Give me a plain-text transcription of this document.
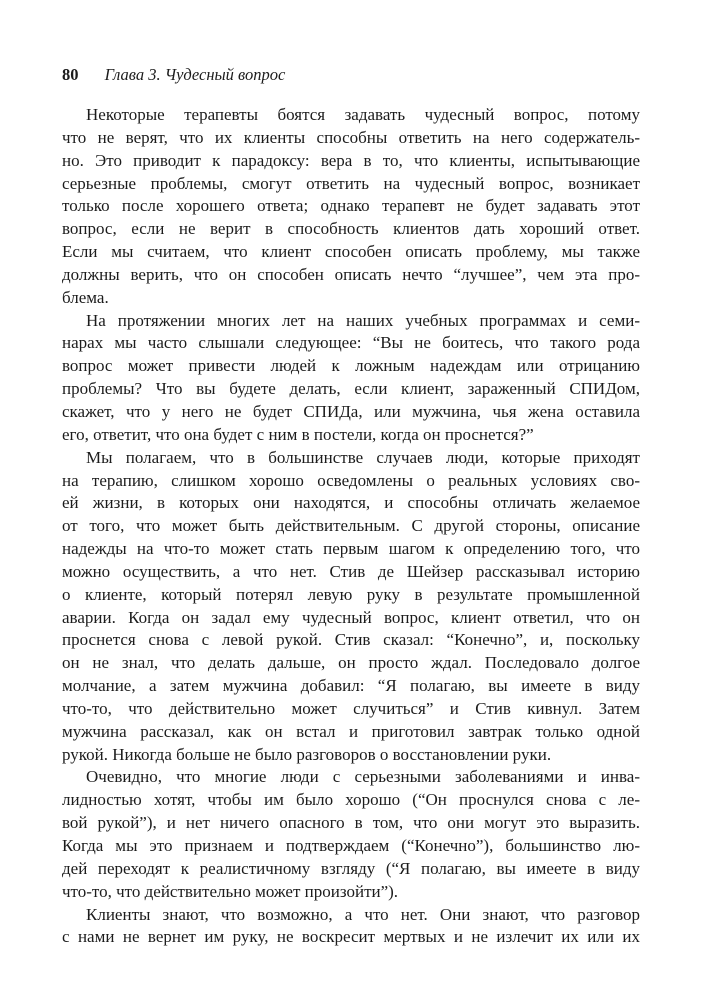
80 Глава 3. Чудесный вопрос
Некоторые терапевты боятся задавать чудесный вопрос, потому
что не верят, что их клиенты способны ответить на него содержатель-
но. Это приводит к парадоксу: вера в то, что клиенты, испытывающие
серьезные проблемы, смогут ответить на чудесный вопрос, возникает
только после хорошего ответа; однако терапевт не будет задавать этот
вопрос, если не верит в способность клиентов дать хороший ответ.
Если мы считаем, что клиент способен описать проблему, мы также
должны верить, что он способен описать нечто “лучшее”, чем эта про-
блема.
На протяжении многих лет на наших учебных программах и семи-
нарах мы часто слышали следующее: “Вы не боитесь, что такого рода
вопрос может привести людей к ложным надеждам или отрицанию
проблемы? Что вы будете делать, если клиент, зараженный СПИДом,
скажет, что у него не будет СПИДа, или мужчина, чья жена оставила
его, ответит, что она будет с ним в постели, когда он проснется?”
Мы полагаем, что в большинстве случаев люди, которые приходят
на терапию, слишком хорошо осведомлены о реальных условиях сво-
ей жизни, в которых они находятся, и способны отличать желаемое
от того, что может быть действительным. С другой стороны, описание
надежды на что-то может стать первым шагом к определению того, что
можно осуществить, а что нет. Стив де Шейзер рассказывал историю
о клиенте, который потерял левую руку в результате промышленной
аварии. Когда он задал ему чудесный вопрос, клиент ответил, что он
проснется снова с левой рукой. Стив сказал: “Конечно”, и, поскольку
он не знал, что делать дальше, он просто ждал. Последовало долгое
молчание, а затем мужчина добавил: “Я полагаю, вы имеете в виду
что-то, что действительно может случиться” и Стив кивнул. Затем
мужчина рассказал, как он встал и приготовил завтрак только одной
рукой. Никогда больше не было разговоров о восстановлении руки.
Очевидно, что многие люди с серьезными заболеваниями и инва-
лидностью хотят, чтобы им было хорошо (“Он проснулся снова с ле-
вой рукой”), и нет ничего опасного в том, что они могут это выразить.
Когда мы это признаем и подтверждаем (“Конечно”), большинство лю-
дей переходят к реалистичному взгляду (“Я полагаю, вы имеете в виду
что-то, что действительно может произойти”).
Клиенты знают, что возможно, а что нет. Они знают, что разговор
с нами не вернет им руку, не воскресит мертвых и не излечит их или их
